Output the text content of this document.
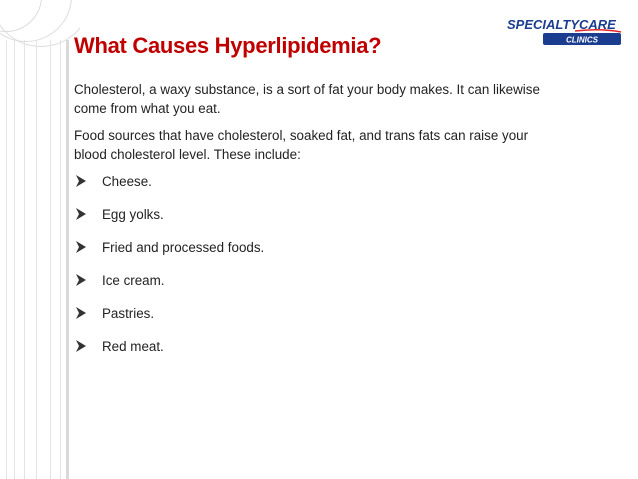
SPECIALTYCARE
CLINICS
What Causes Hyperlipidemia?

Cholesterol, a waxy substance, is a sort of fat your body makes. It can likewise come from what you eat.

Food sources that have cholesterol, soaked fat, and trans fats can raise your blood cholesterol level. These include:

Cheese.
Egg yolks.
Fried and processed foods.
Ice cream.
Pastries.
Red meat.
